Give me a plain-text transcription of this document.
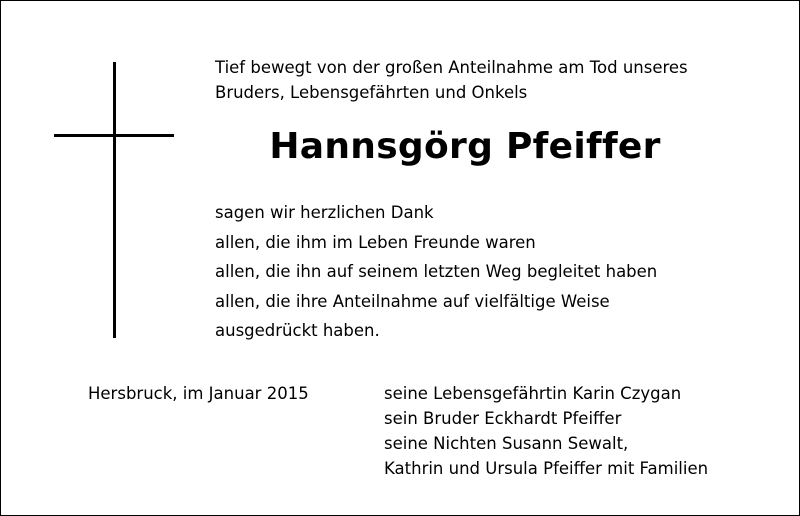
Tief bewegt von der großen Anteilnahme am Tod unseres
Bruders, Lebensgefährten und Onkels
Hannsgörg Pfeiffer
sagen wir herzlichen Dank
allen, die ihm im Leben Freunde waren
allen, die ihn auf seinem letzten Weg begleitet haben
allen, die ihre Anteilnahme auf vielfältige Weise
ausgedrückt haben.
Hersbruck, im Januar 2015	seine Lebensgefährtin Karin Czygan
sein Bruder Eckhardt Pfeiffer
seine Nichten Susann Sewalt,
Kathrin und Ursula Pfeiffer mit Familien
